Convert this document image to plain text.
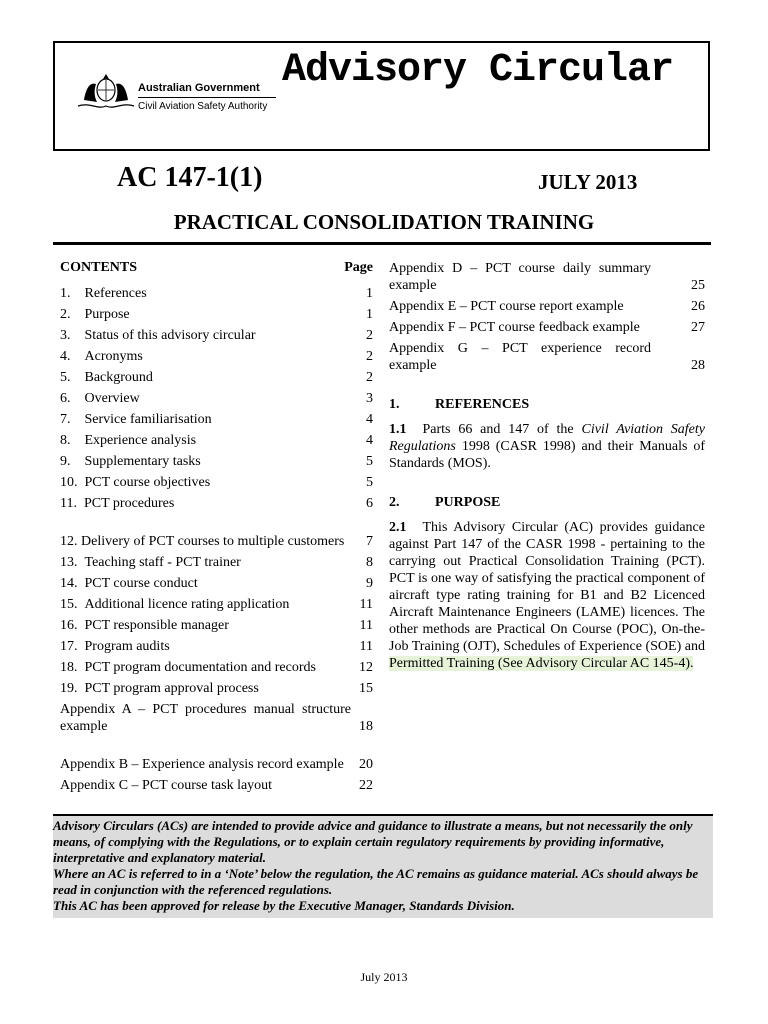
Australian Government
Civil Aviation Safety Authority
Advisory Circular
AC 147-1(1)	JULY 2013
PRACTICAL CONSOLIDATION TRAINING
CONTENTS	Page
1.    References	1
2.    Purpose	1
3.    Status of this advisory circular	2
4.    Acronyms	2
5.    Background	2
6.    Overview	3
7.    Service familiarisation	4
8.    Experience analysis	4
9.    Supplementary tasks	5
10.  PCT course objectives	5
11.  PCT procedures	6
12. Delivery of PCT courses to multiple customers	7
13.  Teaching staff - PCT trainer	8
14.  PCT course conduct	9
15.  Additional licence rating application	11
16.  PCT responsible manager	11
17.  Program audits	11
18.  PCT program documentation and records	12
19.  PCT program approval process	15
Appendix A – PCT procedures manual structure example	18
Appendix B – Experience analysis record example	20
Appendix C – PCT course task layout	22
Appendix D – PCT course daily summary example	25
Appendix E – PCT course report example	26
Appendix F – PCT course feedback example	27
Appendix G – PCT experience record example	28
1.	REFERENCES
1.1 Parts 66 and 147 of the Civil Aviation Safety Regulations 1998 (CASR 1998) and their Manuals of Standards (MOS).
2.	PURPOSE
2.1 This Advisory Circular (AC) provides guidance against Part 147 of the CASR 1998 - pertaining to the carrying out Practical Consolidation Training (PCT). PCT is one way of satisfying the practical component of aircraft type rating training for B1 and B2 Licenced Aircraft Maintenance Engineers (LAME) licences. The other methods are Practical On Course (POC), On-the-Job Training (OJT), Schedules of Experience (SOE) and Permitted Training (See Advisory Circular AC 145-4).

Advisory Circulars (ACs) are intended to provide advice and guidance to illustrate a means, but not necessarily the only means, of complying with the Regulations, or to explain certain regulatory requirements by providing informative, interpretative and explanatory material.

Where an AC is referred to in a ‘Note’ below the regulation, the AC remains as guidance material. ACs should always be read in conjunction with the referenced regulations.

This AC has been approved for release by the Executive Manager, Standards Division.

July 2013
